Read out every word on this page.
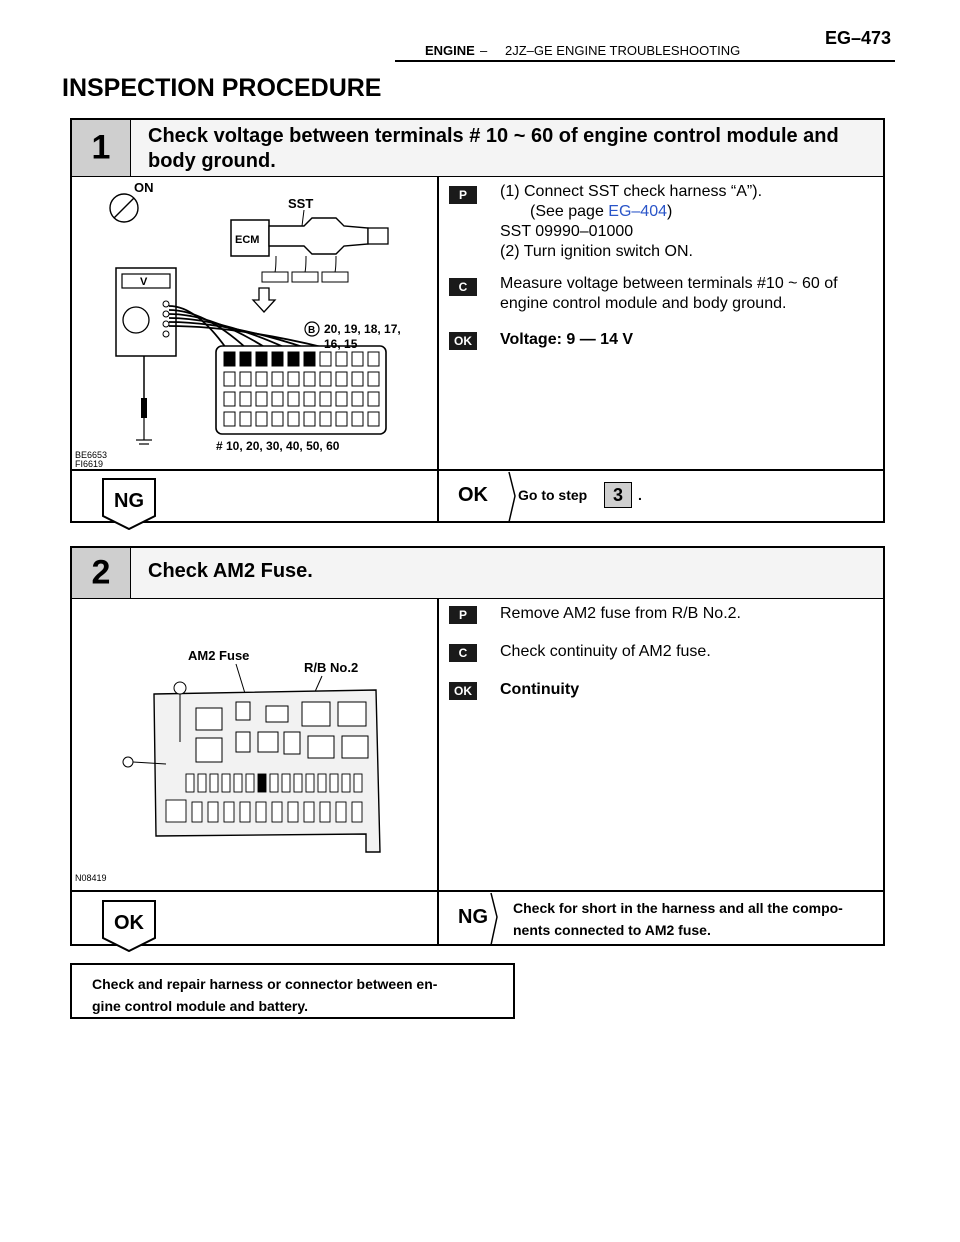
ENGINE – 2JZ–GE ENGINE TROUBLESHOOTING
EG–473
INSPECTION PROCEDURE
1	Check voltage between terminals # 10 ~ 60 of engine control module and
body ground.
ON
ECM
SST
V
B 20, 19, 18, 17,
16, 15
# 10, 20, 30, 40, 50, 60
BE6653
FI6619
P	(1) Connect SST check harness “A”).
(See page EG–404)
SST 09990–01000
(2) Turn ignition switch ON.
C	Measure voltage between terminals #10 ~ 60 of
engine control module and body ground.
OK	Voltage: 9 — 14 V
NG	OK Go to step	3	.
2	Check AM2 Fuse.
AM2 Fuse
R/B No.2
N08419
P	Remove AM2 fuse from R/B No.2.
C	Check continuity of AM2 fuse.
OK	Continuity
OK	NG Check for short in the harness and all the compo-
nents connected to AM2 fuse.
Check and repair harness or connector between en-
gine control module and battery.
